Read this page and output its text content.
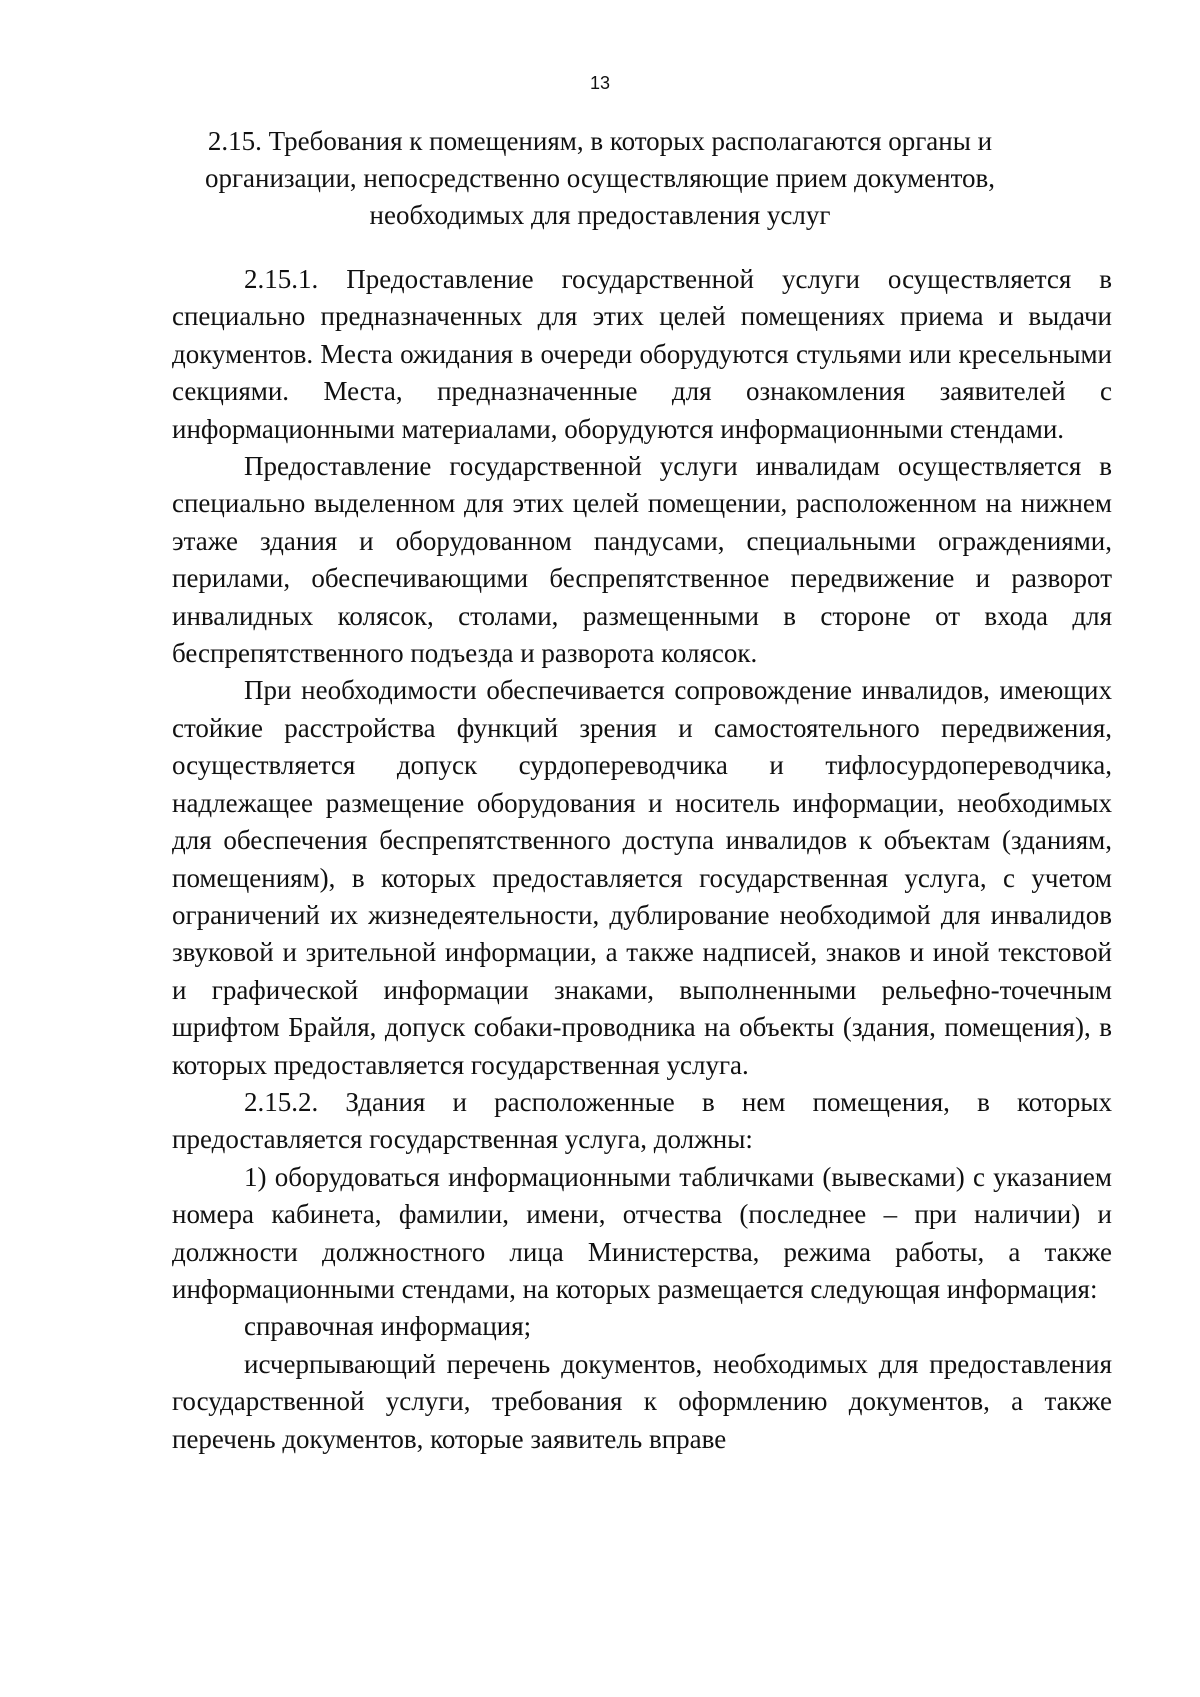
13
2.15. Требования к помещениям, в которых располагаются органы и
организации, непосредственно осуществляющие прием документов,
необходимых для предоставления услуг

2.15.1. Предоставление государственной услуги осуществляется в специально предназначенных для этих целей помещениях приема и выдачи документов. Места ожидания в очереди оборудуются стульями или кресельными секциями. Места, предназначенные для ознакомления заявителей с информационными материалами, оборудуются информационными стендами.

Предоставление государственной услуги инвалидам осуществляется в специально выделенном для этих целей помещении, расположенном на нижнем этаже здания и оборудованном пандусами, специальными ограждениями, перилами, обеспечивающими беспрепятственное передвижение и разворот инвалидных колясок, столами, размещенными в стороне от входа для беспрепятственного подъезда и разворота колясок.

При необходимости обеспечивается сопровождение инвалидов, имеющих стойкие расстройства функций зрения и самостоятельного передвижения, осуществляется допуск сурдопереводчика и тифлосурдопереводчика, надлежащее размещение оборудования и носитель информации, необходимых для обеспечения беспрепятственного доступа инвалидов к объектам (зданиям, помещениям), в которых предоставляется государственная услуга, с учетом ограничений их жизнедеятельности, дублирование необходимой для инвалидов звуковой и зрительной информации, а также надписей, знаков и иной текстовой и графической информации знаками, выполненными рельефно-точечным шрифтом Брайля, допуск собаки-проводника на объекты (здания, помещения), в которых предоставляется государственная услуга.

2.15.2. Здания и расположенные в нем помещения, в которых предоставляется государственная услуга, должны:

1) оборудоваться информационными табличками (вывесками) с указанием номера кабинета, фамилии, имени, отчества (последнее – при наличии) и должности должностного лица Министерства, режима работы, а также информационными стендами, на которых размещается следующая информация:

справочная информация;

исчерпывающий перечень документов, необходимых для предоставления государственной услуги, требования к оформлению документов, а также перечень документов, которые заявитель вправе
